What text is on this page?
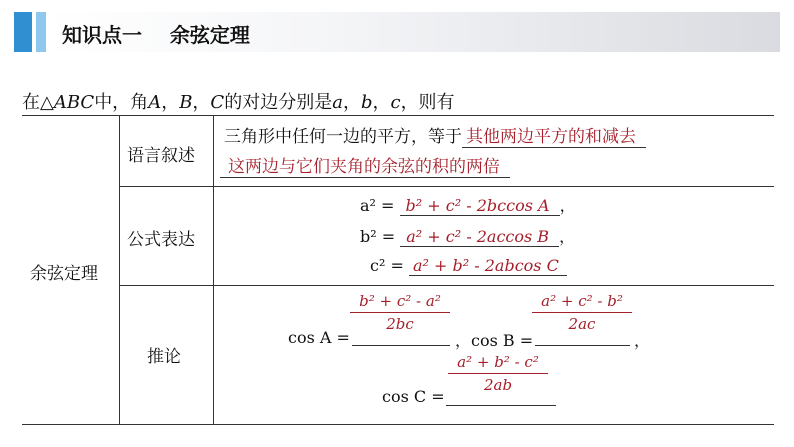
知识点一 余弦定理
在△ABC中，角A，B，C的对边分别是a，b，c，则有
余弦定理
语言叙述
公式表达
推论
三角形中任何一边的平方，等于 其他两边平方的和减去
这两边与它们夹角的余弦的积的两倍
a² = b² + c² - 2bccos A ，
b² = a² + c² - 2accos B ，
c² = a² + b² - 2abcos C
$\frac{\text{b² + c² - a²}}{2bc}$
cos A =	，cos B =
$\frac{\text{a² + c² - b²}}{2ac}$
，
$\frac{\text{a² + b² - c²}}{2ab}$
cos C =
